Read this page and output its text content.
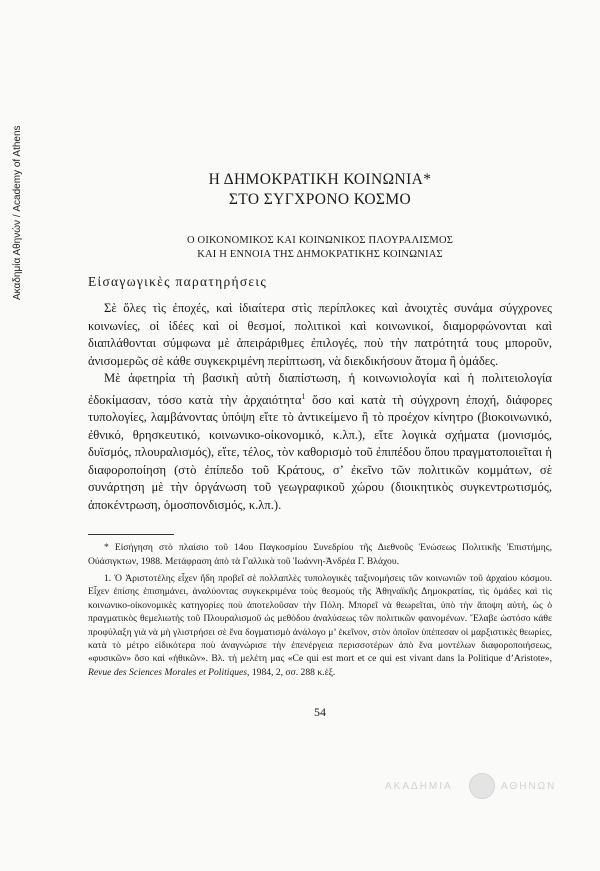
Ακαδημία Αθηνών / Academy of Athens	Η ΔΗΜΟΚΡΑΤΙΚΗ ΚΟΙΝΩΝΙΑ*
ΣΤΟ ΣΥΓΧΡΟΝΟ ΚΟΣΜΟ
Ο ΟΙΚΟΝΟΜΙΚΟΣ ΚΑΙ ΚΟΙΝΩΝΙΚΟΣ ΠΛΟΥΡΑΛΙΣΜΟΣ
ΚΑΙ Η ΕΝΝΟΙΑ ΤΗΣ ΔΗΜΟΚΡΑΤΙΚΗΣ ΚΟΙΝΩΝΙΑΣ
Εἰσαγωγικὲς παρατηρήσεις

Σὲ ὅλες τὶς ἐποχές, καὶ ἰδιαίτερα στὶς περίπλοκες καὶ ἀνοιχτὲς συνάμα σύγχρονες κοινωνίες, οἱ ἰδέες καὶ οἱ θεσμοί, πολιτικοὶ καὶ κοινωνικοί, διαμορφώνονται καὶ διαπλάθονται σύμφωνα μὲ ἀπειράριθμες ἐπιλογές, ποὺ τὴν πατρότητά τους μποροῦν, ἀνισομερῶς σὲ κάθε συγκεκριμένη περίπτωση, νὰ διεκδικήσουν ἄτομα ἢ ὁμάδες.

Μὲ ἀφετηρία τὴ βασικὴ αὐτὴ διαπίστωση, ἡ κοινωνιολογία καὶ ἡ πολιτειολογία ἐδοκίμασαν, τόσο κατὰ τὴν ἀρχαιότητα$^1$ ὅσο καὶ κατὰ τὴ σύγχρονη ἐποχή, διάφορες τυπολογίες, λαμβάνοντας ὑπόψη εἴτε τὸ ἀντικείμενο ἢ τὸ προέχον κίνητρο (βιοκοινωνικό, ἐθνικό, θρησκευτικό, κοινωνικο-οἰκονομικό, κ.λπ.), εἴτε λογικὰ σχήματα (μονισμός, δυϊσμός, πλουραλισμός), εἴτε, τέλος, τὸν καθορισμὸ τοῦ ἐπιπέδου ὅπου πραγματοποιεῖται ἡ διαφοροποίηση (στὸ ἐπίπεδο τοῦ Κράτους, σ’ ἐκεῖνο τῶν πολιτικῶν κομμάτων, σὲ συνάρτηση μὲ τὴν ὀργάνωση τοῦ γεωγραφικοῦ χώρου (διοικητικὸς συγκεντρωτισμός, ἀποκέντρωση, ὁμοσπονδισμός, κ.λπ.).

* Εἰσήγηση στὸ πλαίσιο τοῦ 14ου Παγκοσμίου Συνεδρίου τῆς Διεθνοῦς Ἑνώσεως Πολιτικῆς Ἐπιστήμης, Οὐάσιγκτων, 1988. Μετάφραση ἀπὸ τὰ Γαλλικὰ τοῦ Ἰωάννη-Ἀνδρέα Γ. Βλάχου.

1. Ὁ Ἀριστοτέλης εἶχεν ἤδη προβεῖ σὲ πολλαπλὲς τυπολογικὲς ταξινομήσεις τῶν κοινωνιῶν τοῦ ἀρχαίου κόσμου. Εἶχεν ἐπίσης ἐπισημάνει, ἀναλύοντας συγκεκριμένα τοὺς θεσμοὺς τῆς Ἀθηναϊκῆς Δημοκρατίας, τὶς ὁμάδες καὶ τὶς κοινωνικο-οἰκονομικὲς κατηγορίες ποὺ ἀποτελοῦσαν τὴν Πόλη. Μπορεῖ νὰ θεωρεῖται, ὑπὸ τὴν ἄποψη αὐτή, ὡς ὁ πραγματικὸς θεμελιωτὴς τοῦ Πλουραλισμοῦ ὡς μεθόδου ἀναλύσεως τῶν πολιτικῶν φαινομένων. Ἔλαβε ὡστόσο κάθε προφύλαξη γιὰ νὰ μὴ γλιστρήσει σὲ ἕνα δογματισμὸ ἀνάλογο μ’ ἐκεῖνον, στὸν ὁποῖον ὑπέπεσαν οἱ μαρξιστικὲς θεωρίες, κατὰ τὸ μέτρο εἰδικότερα ποὺ ἀναγνώρισε τὴν ἐπενέργεια περισσοτέρων ἀπὸ ἕνα μοντέλων διαφοροποιήσεως, «φυσικῶν» ὅσο καὶ «ἠθικῶν». Βλ. τὴ μελέτη μας «Ce qui est mort et ce qui est vivant dans la Politique d’Aristote», Revue des Sciences Morales et Politiques, 1984, 2, σσ. 288 κ.ἑξ.

54
ΑΚΑΔΗΜΙΑ	ΑΘΗΝΩΝ
